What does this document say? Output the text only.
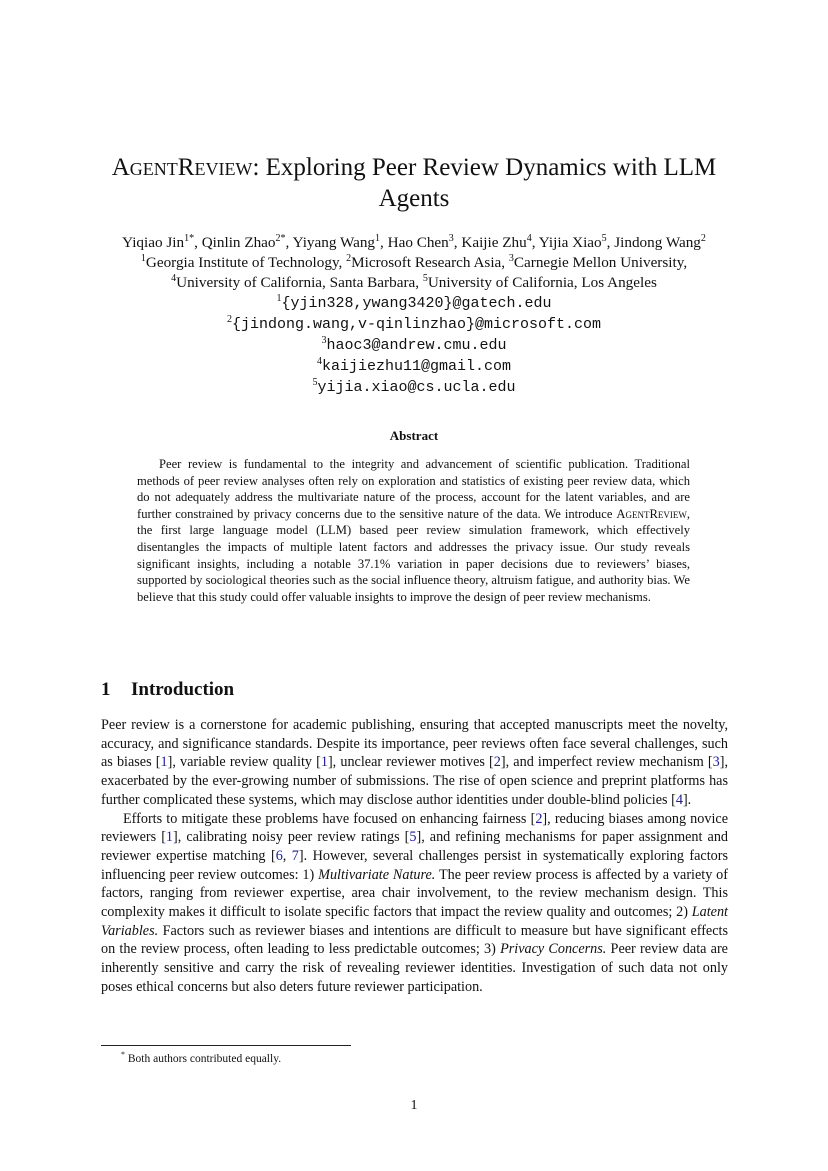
AgentReview: Exploring Peer Review Dynamics with LLM Agents
Yiqiao Jin$^{1*}$, Qinlin Zhao$^{2*}$, Yiyang Wang$^1$, Hao Chen$^3$, Kaijie Zhu$^4$, Yijia Xiao$^5$, Jindong Wang$^2$
$^1$Georgia Institute of Technology, $^2$Microsoft Research Asia, $^3$Carnegie Mellon University,
$^4$University of California, Santa Barbara, $^5$University of California, Los Angeles
$^1${yjin328,ywang3420}@gatech.edu
$^2${jindong.wang,v-qinlinzhao}@microsoft.com
$^3$haoc3@andrew.cmu.edu
$^4$kaijiezhu11@gmail.com
$^5$yijia.xiao@cs.ucla.edu
Abstract

Peer review is fundamental to the integrity and advancement of scientific publication. Traditional methods of peer review analyses often rely on exploration and statistics of existing peer review data, which do not adequately address the multivariate nature of the process, account for the latent variables, and are further constrained by privacy concerns due to the sensitive nature of the data. We introduce AgentReview, the first large language model (LLM) based peer review simulation framework, which effectively disentangles the impacts of multiple latent factors and addresses the privacy issue. Our study reveals significant insights, including a notable 37.1% variation in paper decisions due to reviewers’ biases, supported by sociological theories such as the social influence theory, altruism fatigue, and authority bias. We believe that this study could offer valuable insights to improve the design of peer review mechanisms.

1 Introduction

Peer review is a cornerstone for academic publishing, ensuring that accepted manuscripts meet the novelty, accuracy, and significance standards. Despite its importance, peer reviews often face several challenges, such as biases [1], variable review quality [1], unclear reviewer motives [2], and imperfect review mechanism [3], exacerbated by the ever-growing number of submissions. The rise of open science and preprint platforms has further complicated these systems, which may disclose author identities under double-blind policies [4].

Efforts to mitigate these problems have focused on enhancing fairness [2], reducing biases among novice reviewers [1], calibrating noisy peer review ratings [5], and refining mechanisms for paper assignment and reviewer expertise matching [6, 7]. However, several challenges persist in systematically exploring factors influencing peer review outcomes: 1) Multivariate Nature. The peer review process is affected by a variety of factors, ranging from reviewer expertise, area chair involvement, to the review mechanism design. This complexity makes it difficult to isolate specific factors that impact the review quality and outcomes; 2) Latent Variables. Factors such as reviewer biases and intentions are difficult to measure but have significant effects on the review process, often leading to less predictable outcomes; 3) Privacy Concerns. Peer review data are inherently sensitive and carry the risk of revealing reviewer identities. Investigation of such data not only poses ethical concerns but also deters future reviewer participation.

* Both authors contributed equally.
1
